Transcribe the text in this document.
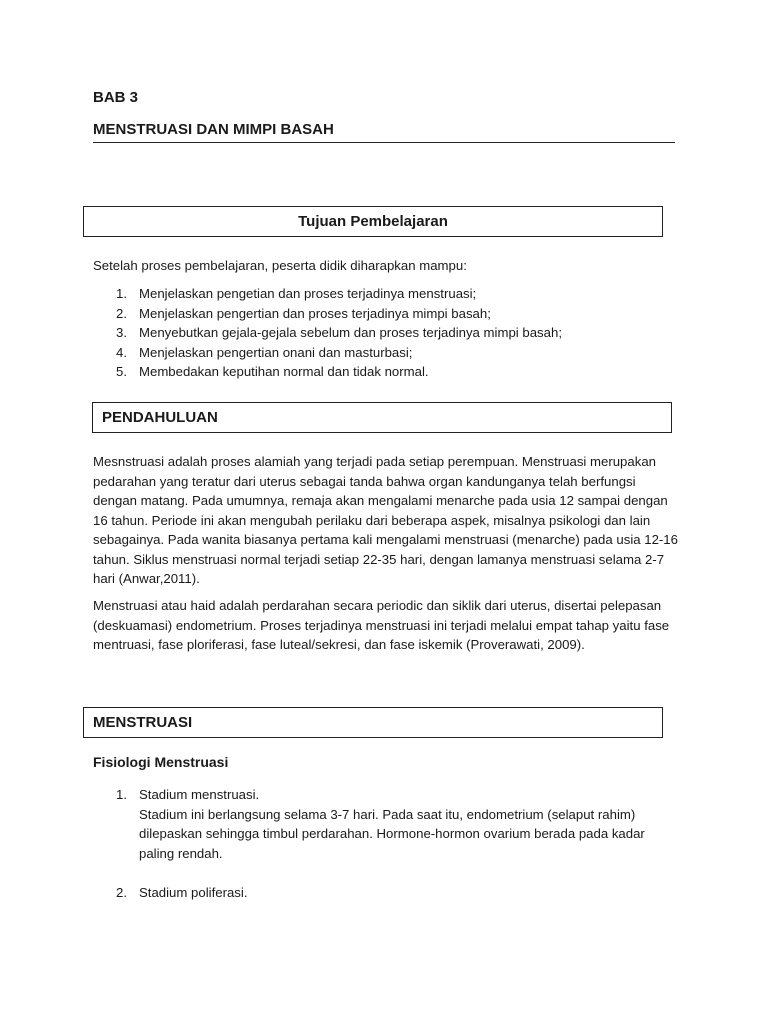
BAB 3
MENSTRUASI DAN MIMPI BASAH
Tujuan Pembelajaran
Setelah proses pembelajaran, peserta didik diharapkan mampu:
1. Menjelaskan pengetian dan proses terjadinya menstruasi;
2. Menjelaskan pengertian dan proses terjadinya mimpi basah;
3. Menyebutkan gejala-gejala sebelum dan proses terjadinya mimpi basah;
4. Menjelaskan pengertian onani dan masturbasi;
5. Membedakan keputihan normal dan tidak normal.
PENDAHULUAN

Mesnstruasi adalah proses alamiah yang terjadi pada setiap perempuan. Menstruasi merupakan pedarahan yang teratur dari uterus sebagai tanda bahwa organ kandunganya telah berfungsi dengan matang. Pada umumnya, remaja akan mengalami menarche pada usia 12 sampai dengan 16 tahun. Periode ini akan mengubah perilaku dari beberapa aspek, misalnya psikologi dan lain sebagainya. Pada wanita biasanya pertama kali mengalami menstruasi (menarche) pada usia 12-16 tahun. Siklus menstruasi normal terjadi setiap 22-35 hari, dengan lamanya menstruasi selama 2-7 hari (Anwar,2011).

Menstruasi atau haid adalah perdarahan secara periodic dan siklik dari uterus, disertai pelepasan (deskuamasi) endometrium. Proses terjadinya menstruasi ini terjadi melalui empat tahap yaitu fase mentruasi, fase ploriferasi, fase luteal/sekresi, dan fase iskemik (Proverawati, 2009).

MENSTRUASI
Fisiologi Menstruasi
1. Stadium menstruasi.
Stadium ini berlangsung selama 3-7 hari. Pada saat itu, endometrium (selaput rahim) dilepaskan sehingga timbul perdarahan. Hormone-hormon ovarium berada pada kadar paling rendah.
2. Stadium poliferasi.
